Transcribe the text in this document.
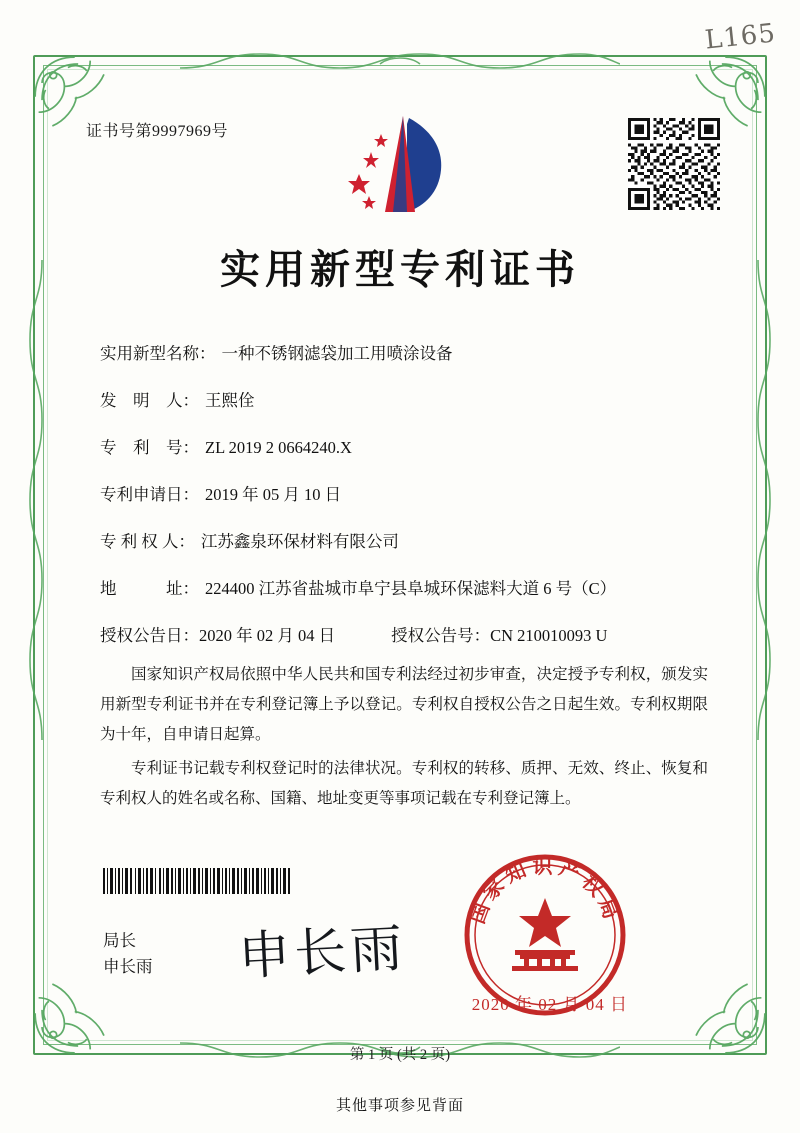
L165
证书号第9997969号
实用新型专利证书
实用新型名称： 一种不锈钢滤袋加工用喷涂设备
发　明　人： 王熙佺
专　利　号： ZL 2019 2 0664240.X
专利申请日： 2019 年 05 月 10 日
专 利 权 人： 江苏鑫泉环保材料有限公司
地　　　址： 224400 江苏省盐城市阜宁县阜城环保滤料大道 6 号（C）
授权公告日： 2020 年 02 月 04 日	授权公告号： CN 210010093 U

国家知识产权局依照中华人民共和国专利法经过初步审查，决定授予专利权，颁发实用新型专利证书并在专利登记簿上予以登记。专利权自授权公告之日起生效。专利权期限为十年，自申请日起算。

专利证书记载专利权登记时的法律状况。专利权的转移、质押、无效、终止、恢复和专利权人的姓名或名称、国籍、地址变更等事项记载在专利登记簿上。

局长
申长雨 申长雨
国家知识产权局
2020 年 02 月 04 日
第 1 页 (共 2 页)
其他事项参见背面
